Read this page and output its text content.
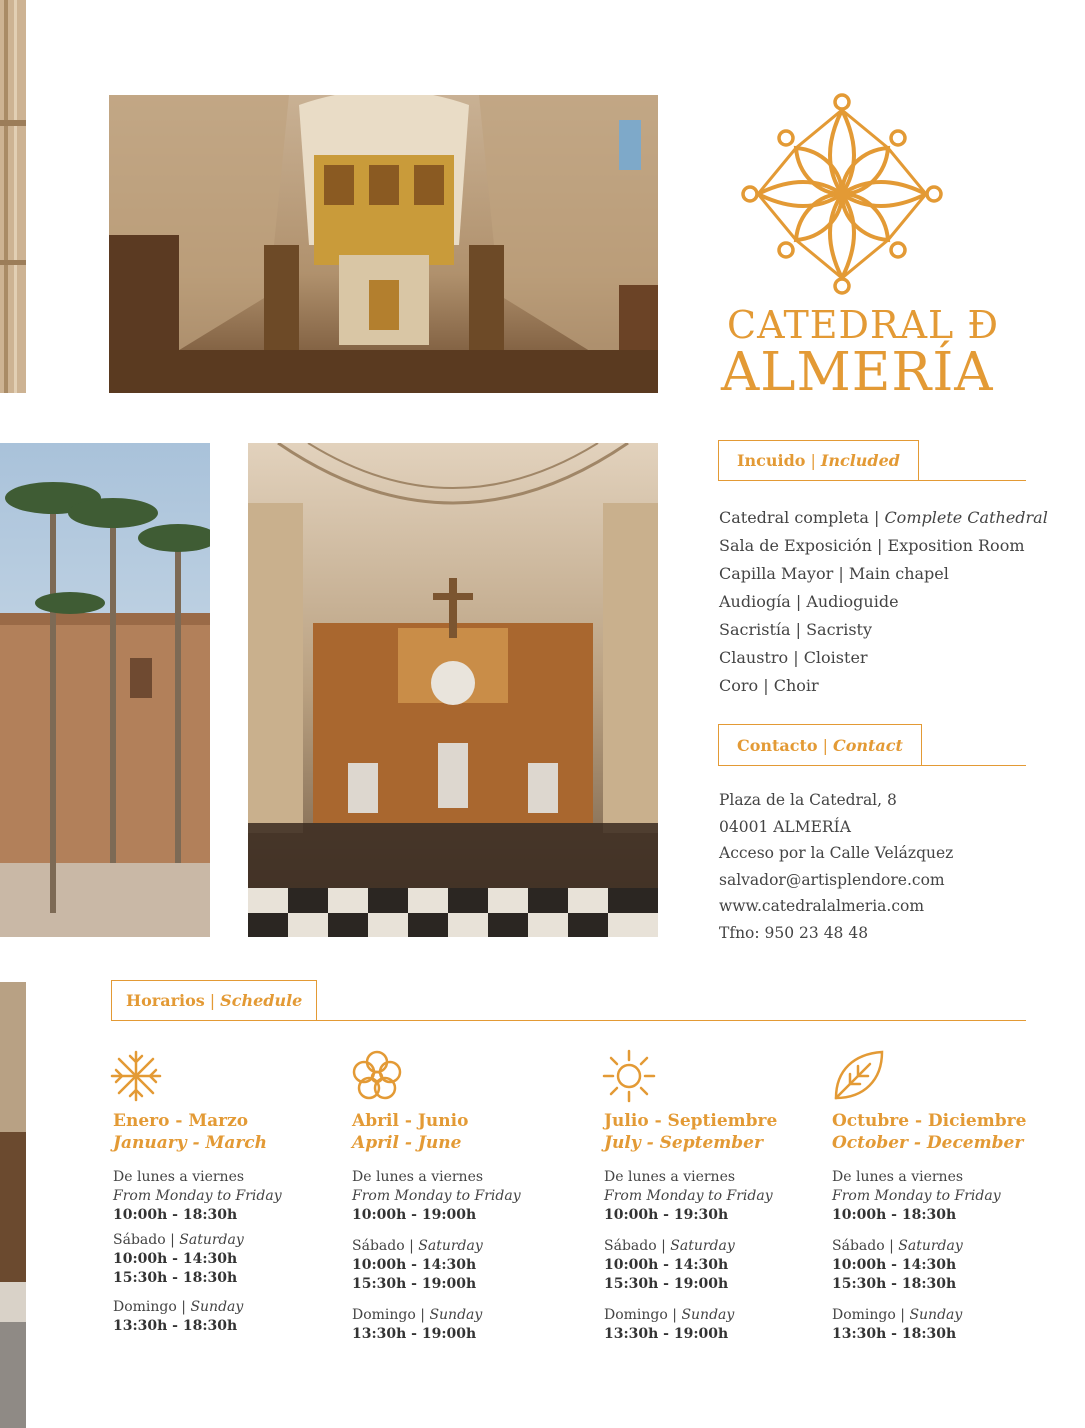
CATEDRAL Đ
ALMERÍA
Incuido | Included
Catedral completa | Complete Cathedral
Sala de Exposición | Exposition Room
Capilla Mayor | Main chapel
Audiogía | Audioguide
Sacristía | Sacristy
Claustro | Cloister
Coro | Choir
Contacto | Contact
Plaza de la Catedral, 8
04001 ALMERÍA
Acceso por la Calle Velázquez
salvador@artisplendore.com
www.catedralalmeria.com
Tfno: 950 23 48 48
Horarios | Schedule
Enero - Marzo
January - March
De lunes a viernes
From Monday to Friday
10:00h - 18:30h
Sábado | Saturday
10:00h - 14:30h
15:30h - 18:30h
Domingo | Sunday
13:30h - 18:30h
Abril - Junio
April - June
De lunes a viernes
From Monday to Friday
10:00h - 19:00h
Sábado | Saturday
10:00h - 14:30h
15:30h - 19:00h
Domingo | Sunday
13:30h - 19:00h
Julio - Septiembre
July - September
De lunes a viernes
From Monday to Friday
10:00h - 19:30h
Sábado | Saturday
10:00h - 14:30h
15:30h - 19:00h
Domingo | Sunday
13:30h - 19:00h
Octubre - Diciembre
October - December
De lunes a viernes
From Monday to Friday
10:00h - 18:30h
Sábado | Saturday
10:00h - 14:30h
15:30h - 18:30h
Domingo | Sunday
13:30h - 18:30h
